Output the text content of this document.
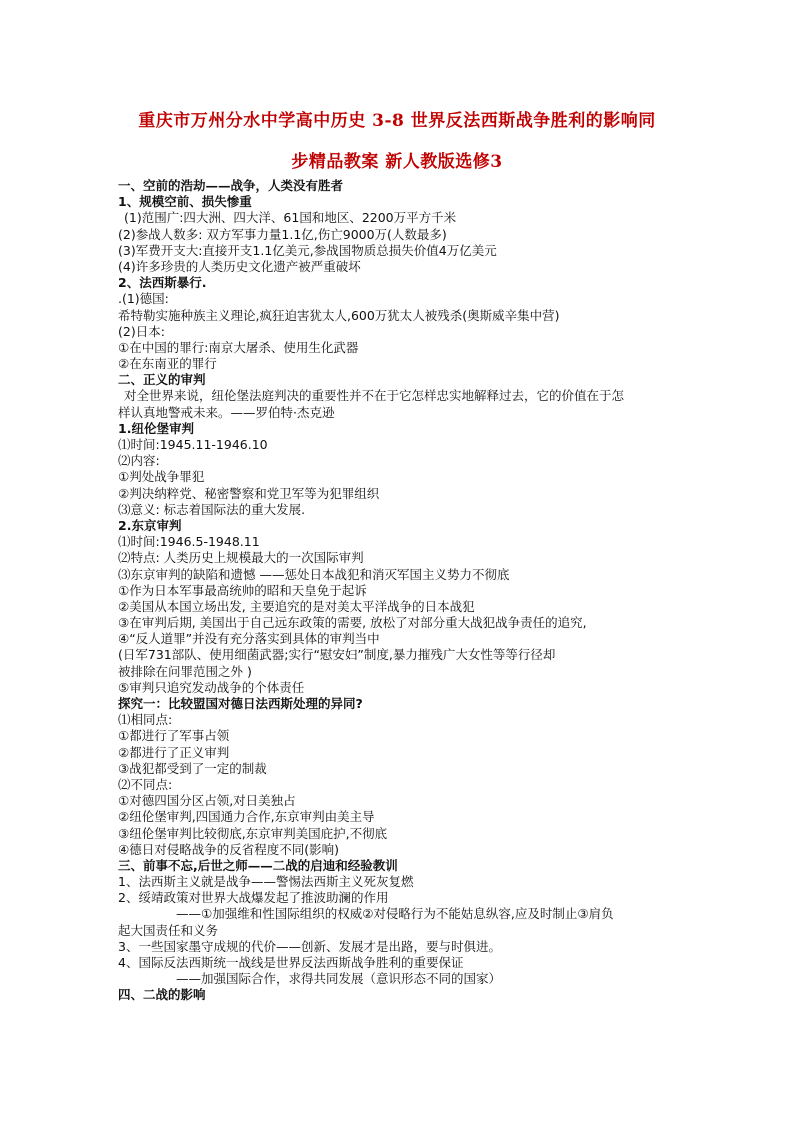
重庆市万州分水中学高中历史 3-8 世界反法西斯战争胜利的影响同
步精品教案 新人教版选修3
一、空前的浩劫——战争，人类没有胜者
1、规模空前、损失惨重
(1)范围广:四大洲、四大洋、61国和地区、2200万平方千米
(2)参战人数多: 双方军事力量1.1亿,伤亡9000万(人数最多)
(3)军费开支大:直接开支1.1亿美元,参战国物质总损失价值4万亿美元
(4)许多珍贵的人类历史文化遗产被严重破坏
2、法西斯暴行.
.(1)德国:
希特勒实施种族主义理论,疯狂迫害犹太人,600万犹太人被残杀(奥斯威辛集中营)
(2)日本:
①在中国的罪行:南京大屠杀、使用生化武器
②在东南亚的罪行
二、正义的审判
对全世界来说，纽伦堡法庭判决的重要性并不在于它怎样忠实地解释过去，它的价值在于怎
样认真地警戒未来。——罗伯特·杰克逊
1.纽伦堡审判
⑴时间:1945.11-1946.10
⑵内容:
①判处战争罪犯
②判决纳粹党、秘密警察和党卫军等为犯罪组织
⑶意义: 标志着国际法的重大发展.
2.东京审判
⑴时间:1946.5-1948.11
⑵特点: 人类历史上规模最大的一次国际审判
⑶东京审判的缺陷和遗憾 ——惩处日本战犯和消灭军国主义势力不彻底
①作为日本军事最高统帅的昭和天皇免于起诉
②美国从本国立场出发, 主要追究的是对美太平洋战争的日本战犯
③在审判后期, 美国出于自己远东政策的需要, 放松了对部分重大战犯战争责任的追究,
④“反人道罪”并没有充分落实到具体的审判当中
(日军731部队、使用细菌武器;实行“慰安妇”制度,暴力摧残广大女性等等行径却
被排除在问罪范围之外 )
⑤审判只追究发动战争的个体责任
探究一：比较盟国对德日法西斯处理的异同?
⑴相同点:
①都进行了军事占领
②都进行了正义审判
③战犯都受到了一定的制裁
⑵不同点:
①对德四国分区占领,对日美独占
②纽伦堡审判,四国通力合作,东京审判由美主导
③纽伦堡审判比较彻底,东京审判美国庇护,不彻底
④德日对侵略战争的反省程度不同(影响)
三、前事不忘,后世之师——二战的启迪和经验教训
1、法西斯主义就是战争——警惕法西斯主义死灰复燃
2、绥靖政策对世界大战爆发起了推波助澜的作用
——①加强维和性国际组织的权威②对侵略行为不能姑息纵容,应及时制止③肩负
起大国责任和义务
3、一些国家墨守成规的代价——创新、发展才是出路，要与时俱进。
4、国际反法西斯统一战线是世界反法西斯战争胜利的重要保证
——加强国际合作，求得共同发展（意识形态不同的国家）
四、二战的影响
